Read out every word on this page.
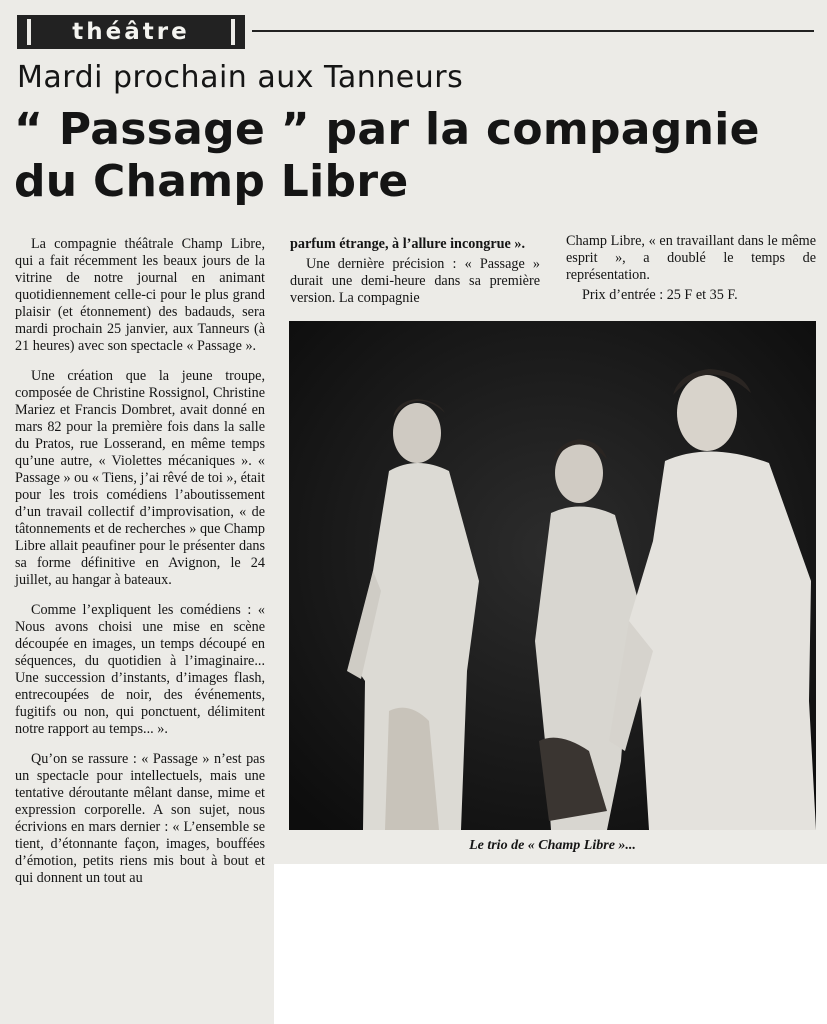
théâtre
Mardi prochain aux Tanneurs
“ Passage ” par la compagnie
du Champ Libre

La compagnie théâtrale Champ Libre, qui a fait récemment les beaux jours de la vitrine de notre journal en animant quotidiennement celle-ci pour le plus grand plaisir (et étonnement) des badauds, sera mardi prochain 25 janvier, aux Tanneurs (à 21 heures) avec son spectacle « Passage ».

Une création que la jeune troupe, composée de Christine Rossignol, Christine Mariez et Francis Dombret, avait donné en mars 82 pour la première fois dans la salle du Pratos, rue Losserand, en même temps qu’une autre, « Violettes mécaniques ». « Passage » ou « Tiens, j’ai rêvé de toi », était pour les trois comédiens l’aboutissement d’un travail collectif d’improvisation, « de tâtonnements et de recherches » que Champ Libre allait peaufiner pour le présenter dans sa forme définitive en Avignon, le 24 juillet, au hangar à bateaux.

Comme l’expliquent les comédiens : « Nous avons choisi une mise en scène découpée en images, un temps découpé en séquences, du quotidien à l’imaginaire... Une succession d’instants, d’images flash, entrecoupées de noir, des événements, fugitifs ou non, qui ponctuent, délimitent notre rapport au temps... ».

Qu’on se rassure : « Passage » n’est pas un spectacle pour intellectuels, mais une tentative déroutante mêlant danse, mime et expression corporelle. A son sujet, nous écrivions en mars dernier : « L’ensemble se tient, d’étonnante façon, images, bouffées d’émotion, petits riens mis bout à bout et qui donnent un tout au

parfum étrange, à l’allure incongrue ».

Une dernière précision : « Passage » durait une demi-heure dans sa première version. La compagnie

Champ Libre, « en travaillant dans le même esprit », a doublé le temps de représentation.

Prix d’entrée : 25 F et 35 F.

Le trio de « Champ Libre »...
